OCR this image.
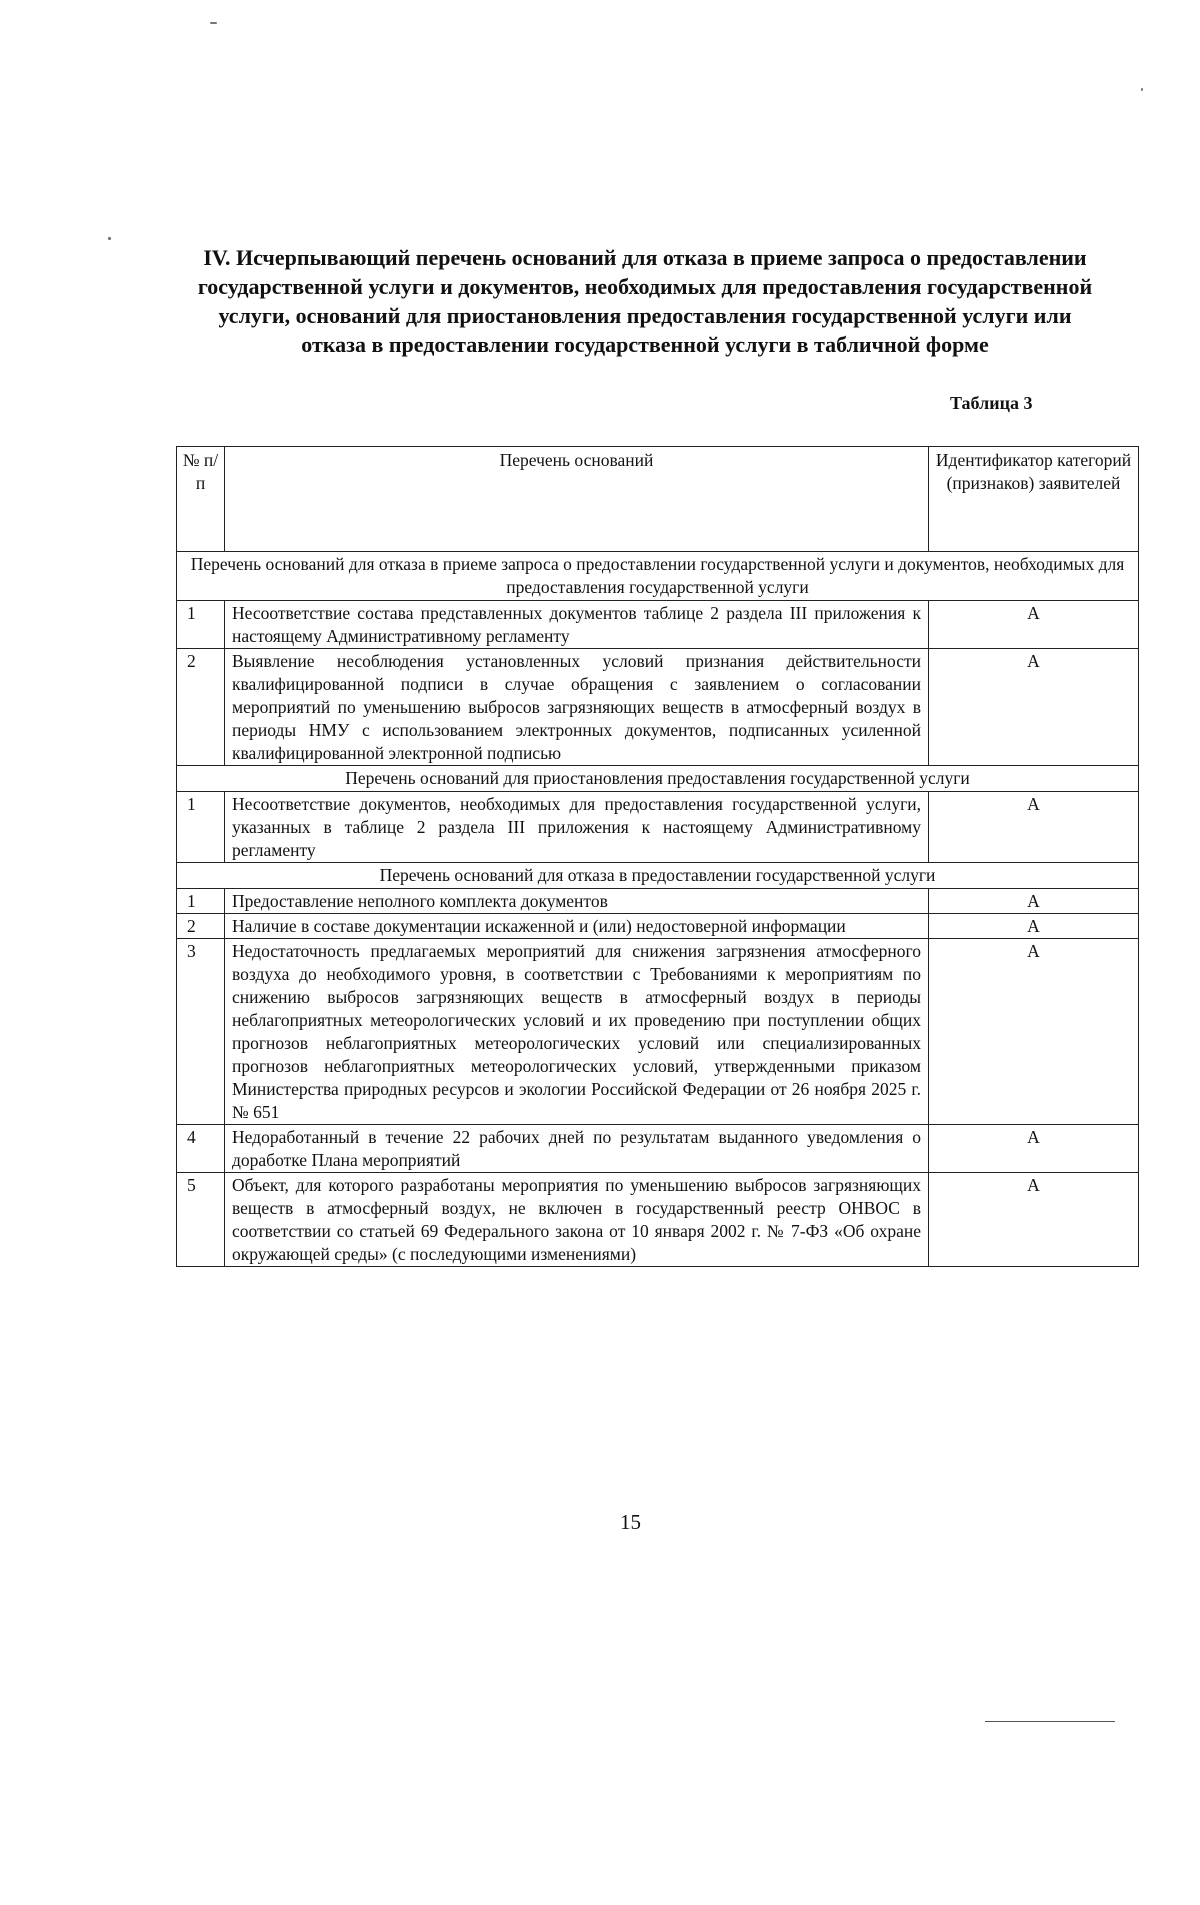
IV. Исчерпывающий перечень оснований для отказа в приеме запроса о предоставлении государственной услуги и документов, необходимых для предоставления государственной услуги, оснований для приостановления предоставления государственной услуги или отказа в предоставлении государственной услуги в табличной форме
Таблица 3
№ п/п	Перечень оснований	Идентификатор категорий (признаков) заявителей
Перечень оснований для отказа в приеме запроса о предоставлении государственной услуги и документов, необходимых для предоставления государственной услуги		
1	Несоответствие состава представленных документов таблице 2 раздела III приложения к настоящему Административному регламенту	А
2	Выявление несоблюдения установленных условий признания действительности квалифицированной подписи в случае обращения с заявлением о согласовании мероприятий по уменьшению выбросов загрязняющих веществ в атмосферный воздух в периоды НМУ с использованием электронных документов, подписанных усиленной квалифицированной электронной подписью	А
Перечень оснований для приостановления предоставления государственной услуги		
1	Несоответствие документов, необходимых для предоставления государственной услуги, указанных в таблице 2 раздела III приложения к настоящему Административному регламенту	А
Перечень оснований для отказа в предоставлении государственной услуги		
1	Предоставление неполного комплекта документов	А
2	Наличие в составе документации искаженной и (или) недостоверной информации	А
3	Недостаточность предлагаемых мероприятий для снижения загрязнения атмосферного воздуха до необходимого уровня, в соответствии с Требованиями к мероприятиям по снижению выбросов загрязняющих веществ в атмосферный воздух в периоды неблагоприятных метеорологических условий и их проведению при поступлении общих прогнозов неблагоприятных метеорологических условий или специализированных прогнозов неблагоприятных метеорологических условий, утвержденными приказом Министерства природных ресурсов и экологии Российской Федерации от 26 ноября 2025 г. № 651	А
4	Недоработанный в течение 22 рабочих дней по результатам выданного уведомления о доработке Плана мероприятий	А
5	Объект, для которого разработаны мероприятия по уменьшению выбросов загрязняющих веществ в атмосферный воздух, не включен в государственный реестр ОНВОС в соответствии со статьей 69 Федерального закона от 10 января 2002 г. № 7-ФЗ «Об охране окружающей среды» (с последующими изменениями)	А
15
